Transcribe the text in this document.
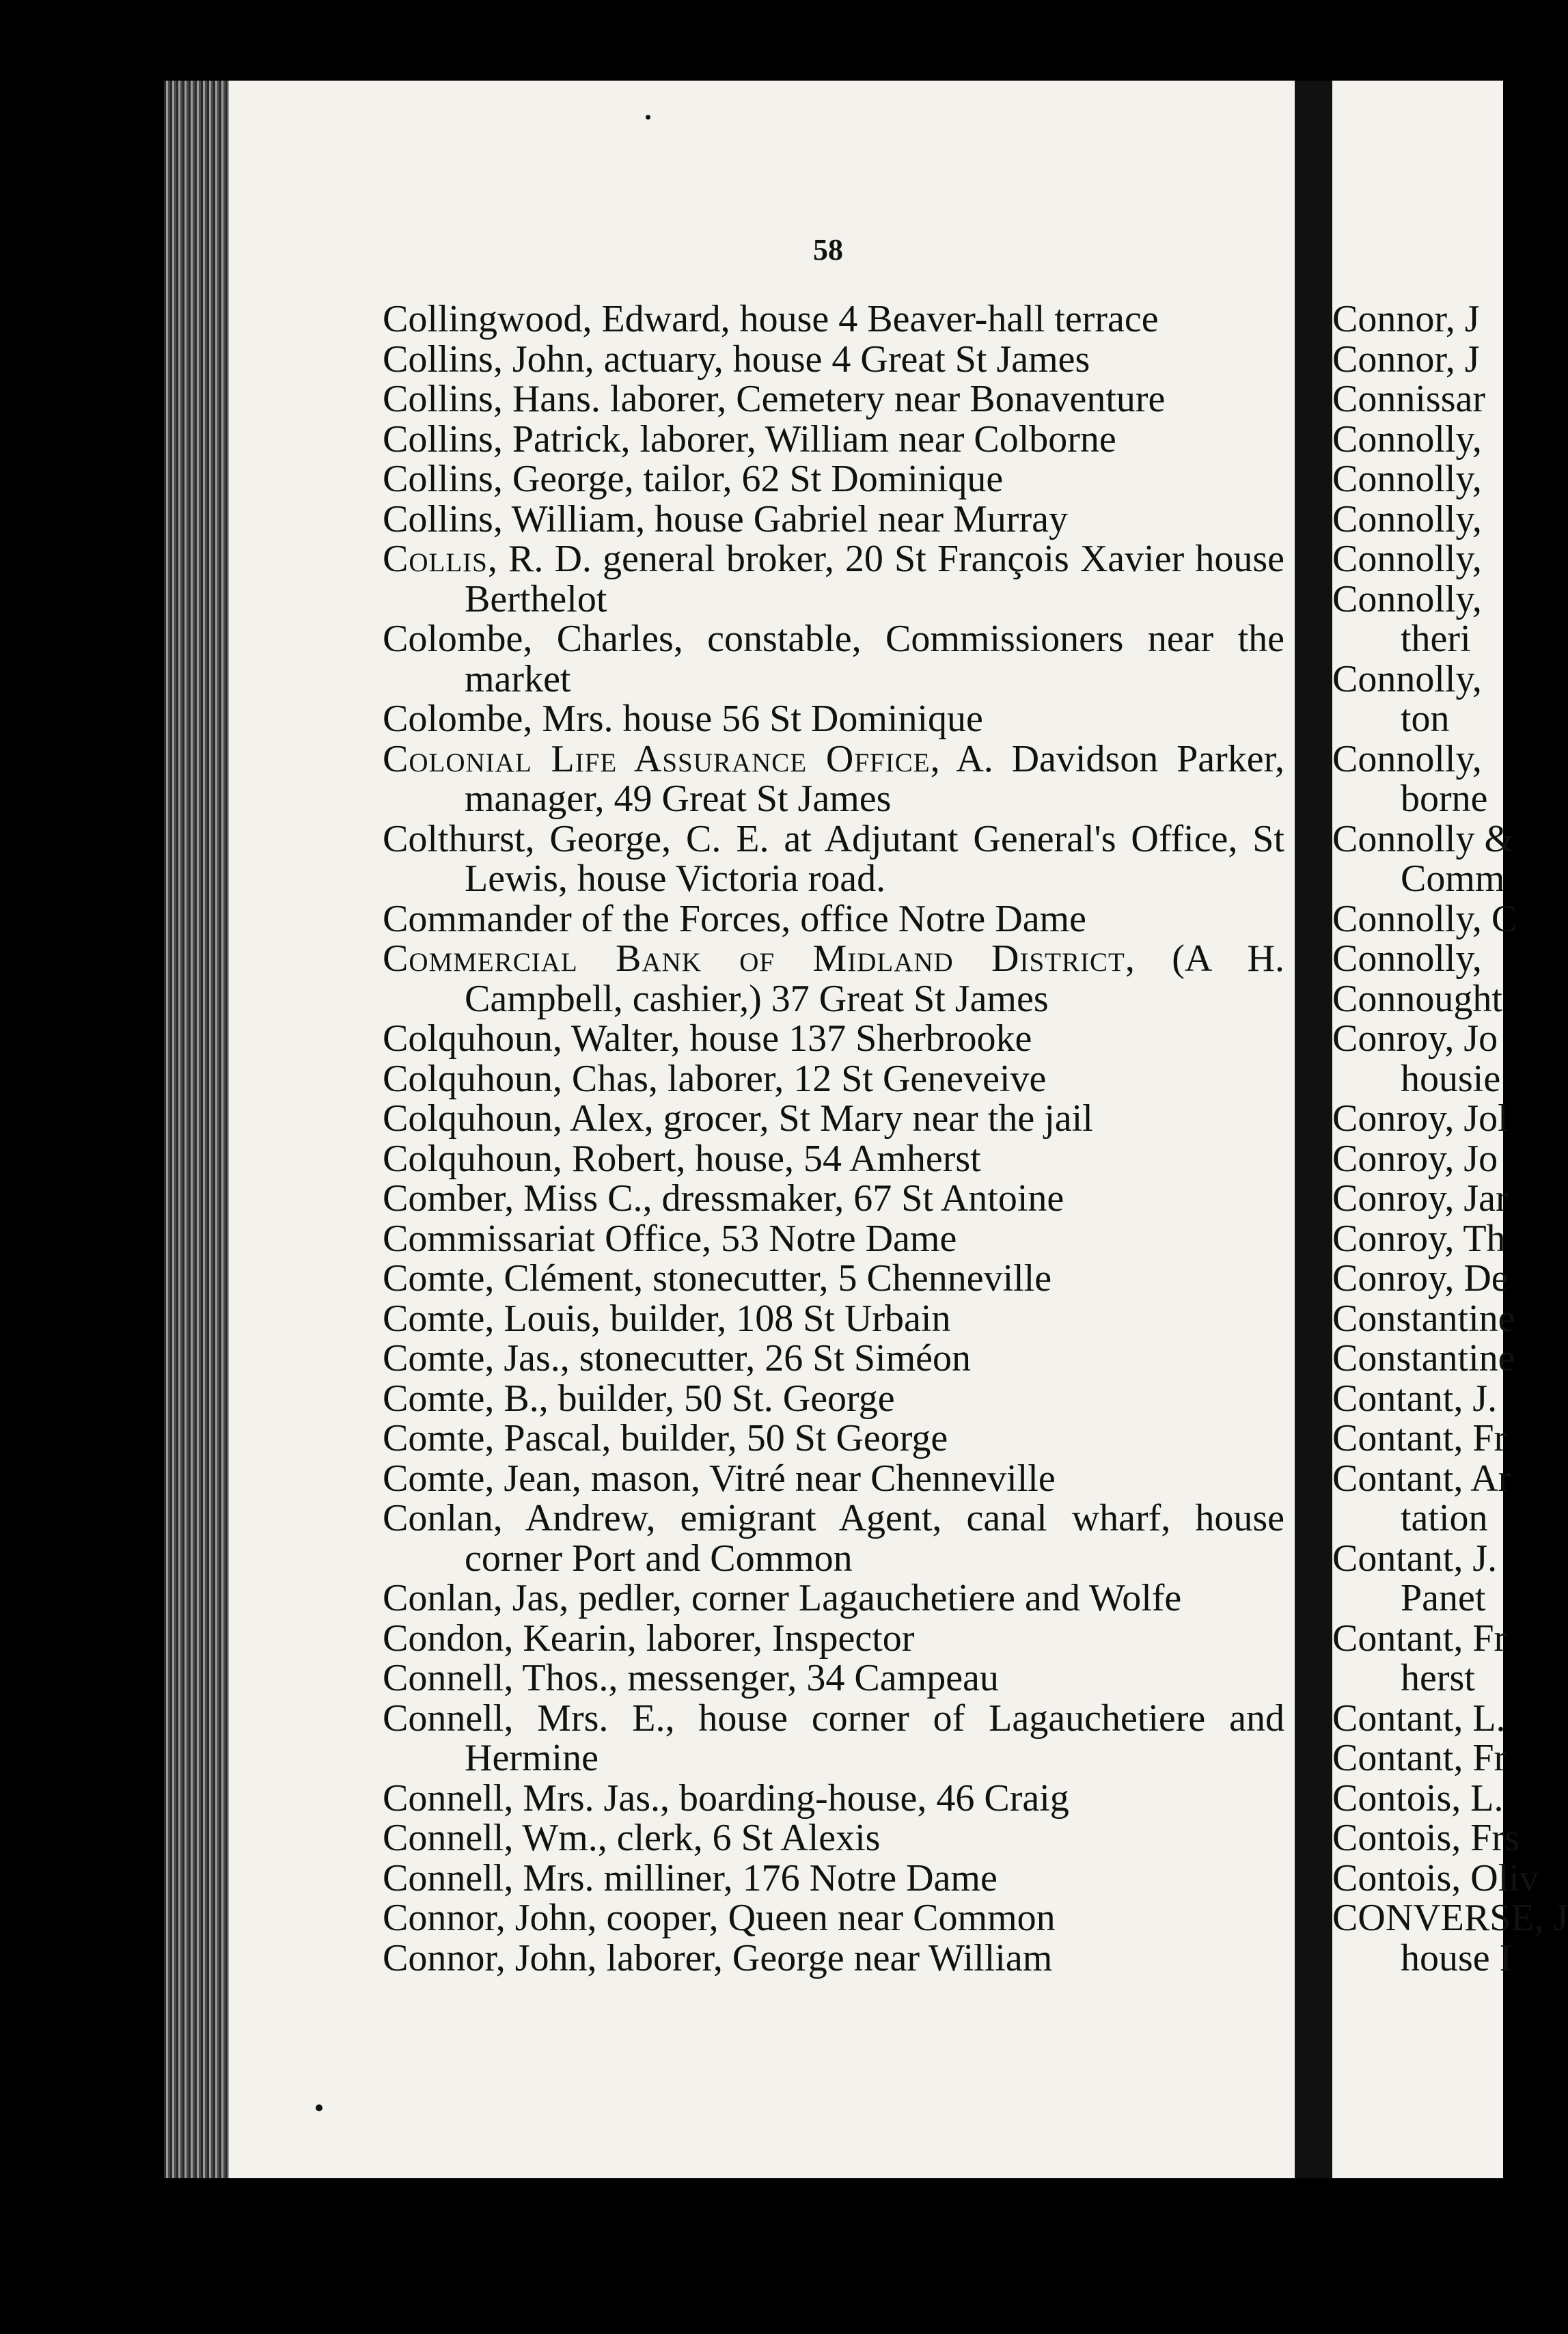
58

Collingwood, Edward, house 4 Beaver-hall terrace

Collins, John, actuary, house 4 Great St James

Collins, Hans. laborer, Cemetery near Bonaventure

Collins, Patrick, laborer, William near Colborne

Collins, George, tailor, 62 St Dominique

Collins, William, house Gabriel near Murray

Collis, R. D. general broker, 20 St François Xavier house Berthelot

Colombe, Charles, constable, Commissioners near the market

Colombe, Mrs. house 56 St Dominique

Colonial Life Assurance Office, A. Davidson Parker, manager, 49 Great St James

Colthurst, George, C. E. at Adjutant General's Office, St Lewis, house Victoria road.

Commander of the Forces, office Notre Dame

Commercial Bank of Midland District, (A H. Campbell, cashier,) 37 Great St James

Colquhoun, Walter, house 137 Sherbrooke

Colquhoun, Chas, laborer, 12 St Geneveive

Colquhoun, Alex, grocer, St Mary near the jail

Colquhoun, Robert, house, 54 Amherst

Comber, Miss C., dressmaker, 67 St Antoine

Commissariat Office, 53 Notre Dame

Comte, Clément, stonecutter, 5 Chenneville

Comte, Louis, builder, 108 St Urbain

Comte, Jas., stonecutter, 26 St Siméon

Comte, B., builder, 50 St. George

Comte, Pascal, builder, 50 St George

Comte, Jean, mason, Vitré near Chenneville

Conlan, Andrew, emigrant Agent, canal wharf, house corner Port and Common

Conlan, Jas, pedler, corner Lagauchetiere and Wolfe

Condon, Kearin, laborer, Inspector

Connell, Thos., messenger, 34 Campeau

Connell, Mrs. E., house corner of Lagauchetiere and Hermine

Connell, Mrs. Jas., boarding-house, 46 Craig

Connell, Wm., clerk, 6 St Alexis

Connell, Mrs. milliner, 176 Notre Dame

Connor, John, cooper, Queen near Common

Connor, John, laborer, George near William

Connor, J

Connor, J

Connissar

Connolly,

Connolly,

Connolly,

Connolly,

Connolly,

theri

Connolly,

ton

Connolly,

borne

Connolly &

Comm

Connolly, C

Connolly,

Connought

Conroy, Jo

housie

Conroy, Jol

Conroy, Jo

Conroy, Jar

Conroy, Th

Conroy, De

Constantine

Constantine

Contant, J.

Contant, Fr

Contant, Ar

tation

Contant, J.

Panet

Contant, Fr

herst

Contant, L.

Contant, Fr

Contois, L.

Contois, Frs

Contois, Oliv

CONVERSE, J

house I
